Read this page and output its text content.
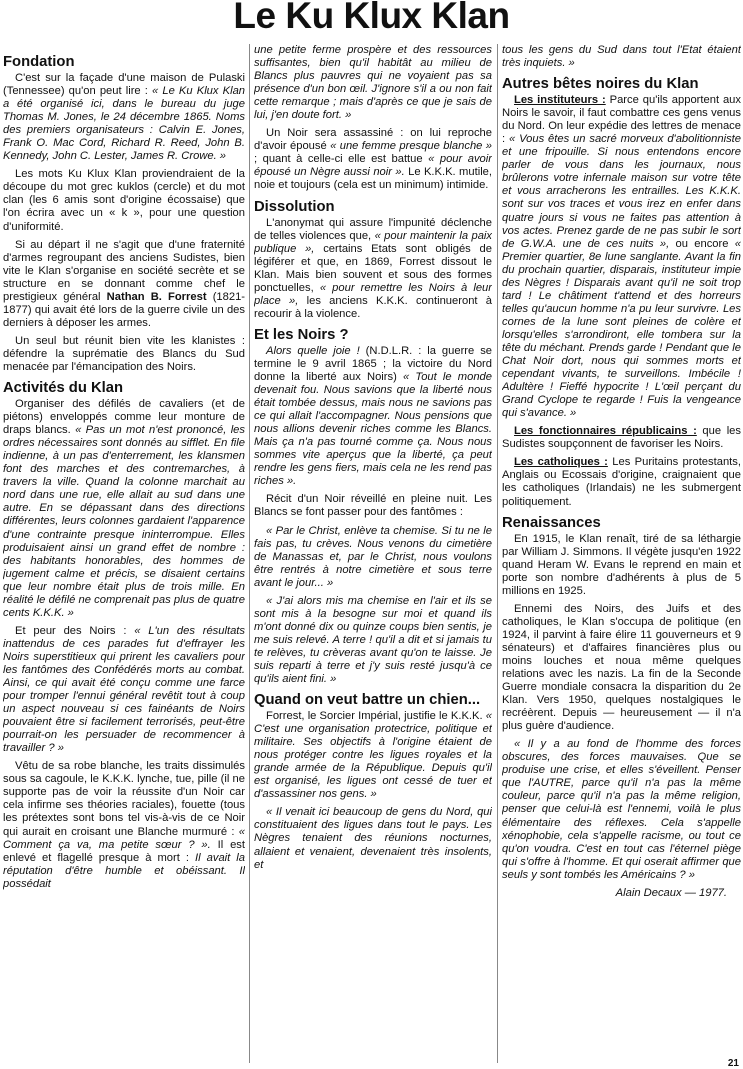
Le Ku Klux Klan
Fondation

C'est sur la façade d'une maison de Pulaski (Tennessee) qu'on peut lire : « Le Ku Klux Klan a été organisé ici, dans le bureau du juge Thomas M. Jones, le 24 décembre 1865. Noms des premiers organisateurs : Calvin E. Jones, Frank O. Mac Cord, Richard R. Reed, John B. Kennedy, John C. Lester, James R. Crowe. »

Les mots Ku Klux Klan proviendraient de la découpe du mot grec kuklos (cercle) et du mot clan (les 6 amis sont d'origine écossaise) que l'on écrira avec un « k », pour une question d'uniformité.

Si au départ il ne s'agit que d'une fraternité d'armes regroupant des anciens Sudistes, bien vite le Klan s'organise en société secrète et se structure en se donnant comme chef le prestigieux général Nathan B. Forrest (1821-1877) qui avait été lors de la guerre civile un des derniers à déposer les armes.

Un seul but réunit bien vite les klanistes : défendre la suprématie des Blancs du Sud menacée par l'émancipation des Noirs.

Activités du Klan

Organiser des défilés de cavaliers (et de piétons) enveloppés comme leur monture de draps blancs. « Pas un mot n'est prononcé, les ordres nécessaires sont donnés au sifflet. En file indienne, à un pas d'enterrement, les klansmen font des marches et des contremarches, à travers la ville. Quand la colonne marchait au nord dans une rue, elle allait au sud dans une autre. En se dépassant dans des directions différentes, leurs colonnes gardaient l'apparence d'une contrainte presque ininterrompue. Elles produisaient ainsi un grand effet de nombre : des habitants honorables, des hommes de jugement calme et précis, se disaient certains que leur nombre était plus de trois mille. En réalité le défilé ne comprenait pas plus de quatre cents K.K.K. »

Et peur des Noirs : « L'un des résultats inattendus de ces parades fut d'effrayer les Noirs superstitieux qui prirent les cavaliers pour les fantômes des Confédérés morts au combat. Ainsi, ce qui avait été conçu comme une farce pour tromper l'ennui général revêtit tout à coup un aspect nouveau si ces fainéants de Noirs pouvaient être si facilement terrorisés, peut-être pourrait-on les persuader de recommencer à travailler ? »

Vêtu de sa robe blanche, les traits dissimulés sous sa cagoule, le K.K.K. lynche, tue, pille (il ne supporte pas de voir la réussite d'un Noir car cela infirme ses théories raciales), fouette (tous les prétextes sont bons tel vis-à-vis de ce Noir qui aurait en croisant une Blanche murmuré : « Comment ça va, ma petite sœur ? ». Il est enlevé et flagellé presque à mort : Il avait la réputation d'être humble et obéissant. Il possédait

une petite ferme prospère et des ressources suffisantes, bien qu'il habitât au milieu de Blancs plus pauvres qui ne voyaient pas sa présence d'un bon œil. J'ignore s'il a ou non fait cette remarque ; mais d'après ce que je sais de lui, j'en doute fort. »

Un Noir sera assassiné : on lui reproche d'avoir épousé « une femme presque blanche » ; quant à celle-ci elle est battue « pour avoir épousé un Nègre aussi noir ». Le K.K.K. mutile, noie et toujours (cela est un minimum) intimide.

Dissolution

L'anonymat qui assure l'impunité déclenche de telles violences que, « pour maintenir la paix publique », certains Etats sont obligés de légiférer et que, en 1869, Forrest dissout le Klan. Mais bien souvent et sous des formes ponctuelles, « pour remettre les Noirs à leur place », les anciens K.K.K. continueront à recourir à la violence.

Et les Noirs ?

Alors quelle joie ! (N.D.L.R. : la guerre se termine le 9 avril 1865 ; la victoire du Nord donne la liberté aux Noirs) « Tout le monde devenait fou. Nous savions que la liberté nous était tombée dessus, mais nous ne savions pas ce qui allait l'accompagner. Nous pensions que nous allions devenir riches comme les Blancs. Mais ça n'a pas tourné comme ça. Nous nous sommes vite aperçus que la liberté, ça peut rendre les gens fiers, mais cela ne les rend pas riches ».

Récit d'un Noir réveillé en pleine nuit. Les Blancs se font passer pour des fantômes :

« Par le Christ, enlève ta chemise. Si tu ne le fais pas, tu crèves. Nous venons du cimetière de Manassas et, par le Christ, nous voulons être rentrés à notre cimetière et sous terre avant le jour... »

« J'ai alors mis ma chemise en l'air et ils se sont mis à la besogne sur moi et quand ils m'ont donné dix ou quinze coups bien sentis, je me suis relevé. A terre ! qu'il a dit et si jamais tu te relèves, tu crèveras avant qu'on te laisse. Je suis reparti à terre et j'y suis resté jusqu'à ce qu'ils aient fini. »

Quand on veut battre un chien...

Forrest, le Sorcier Impérial, justifie le K.K.K. « C'est une organisation protectrice, politique et militaire. Ses objectifs à l'origine étaient de nous protéger contre les ligues royales et la grande armée de la République. Depuis qu'il est organisé, les ligues ont cessé de tuer et d'assassiner nos gens. »

« Il venait ici beaucoup de gens du Nord, qui constituaient des ligues dans tout le pays. Les Nègres tenaient des réunions nocturnes, allaient et venaient, devenaient très insolents, et

tous les gens du Sud dans tout l'Etat étaient très inquiets. »

Autres bêtes noires du Klan

Les instituteurs : Parce qu'ils apportent aux Noirs le savoir, il faut combattre ces gens venus du Nord. On leur expédie des lettres de menace : « Vous êtes un sacré morveux d'abolitionniste et une fripouille. Si nous entendons encore parler de vous dans les journaux, nous brûlerons votre infernale maison sur votre tête et vous arracherons les entrailles. Les K.K.K. sont sur vos traces et vous irez en enfer dans quatre jours si vous ne faites pas attention à vos actes. Prenez garde de ne pas subir le sort de G.W.A. une de ces nuits », ou encore « Premier quartier, 8e lune sanglante. Avant la fin du prochain quartier, disparais, instituteur impie des Nègres ! Disparais avant qu'il ne soit trop tard ! Le châtiment t'attend et des horreurs telles qu'aucun homme n'a pu leur survivre. Les cornes de la lune sont pleines de colère et lorsqu'elles s'arrondiront, elle tombera sur la tête du méchant. Prends garde ! Pendant que le Chat Noir dort, nous qui sommes morts et cependant vivants, te surveillons. Imbécile ! Adultère ! Fieffé hypocrite ! L'œil perçant du Grand Cyclope te regarde ! Fuis la vengeance qui s'avance. »

Les fonctionnaires républicains : que les Sudistes soupçonnent de favoriser les Noirs.

Les catholiques : Les Puritains protestants, Anglais ou Ecossais d'origine, craignaient que les catholiques (Irlandais) ne les submergent politiquement.

Renaissances

En 1915, le Klan renaît, tiré de sa léthargie par William J. Simmons. Il végète jusqu'en 1922 quand Heram W. Evans le reprend en main et porte son nombre d'adhérents à plus de 5 millions en 1925.

Ennemi des Noirs, des Juifs et des catholiques, le Klan s'occupa de politique (en 1924, il parvint à faire élire 11 gouverneurs et 9 sénateurs) et d'affaires financières plus ou moins louches et noua même quelques relations avec les nazis. La fin de la Seconde Guerre mondiale consacra la disparition du 2e Klan. Vers 1950, quelques nostalgiques le recréèrent. Depuis — heureusement — il n'a plus guère d'audience.

« Il y a au fond de l'homme des forces obscures, des forces mauvaises. Que se produise une crise, et elles s'éveillent. Penser que l'AUTRE, parce qu'il n'a pas la même couleur, parce qu'il n'a pas la même religion, penser que celui-là est l'ennemi, voilà le plus élémentaire des réflexes. Cela s'appelle xénophobie, cela s'appelle racisme, ou tout ce qu'on voudra. C'est en tout cas l'éternel piège qui s'offre à l'homme. Et qui oserait affirmer que seuls y sont tombés les Américains ? »

Alain Decaux — 1977.

21
